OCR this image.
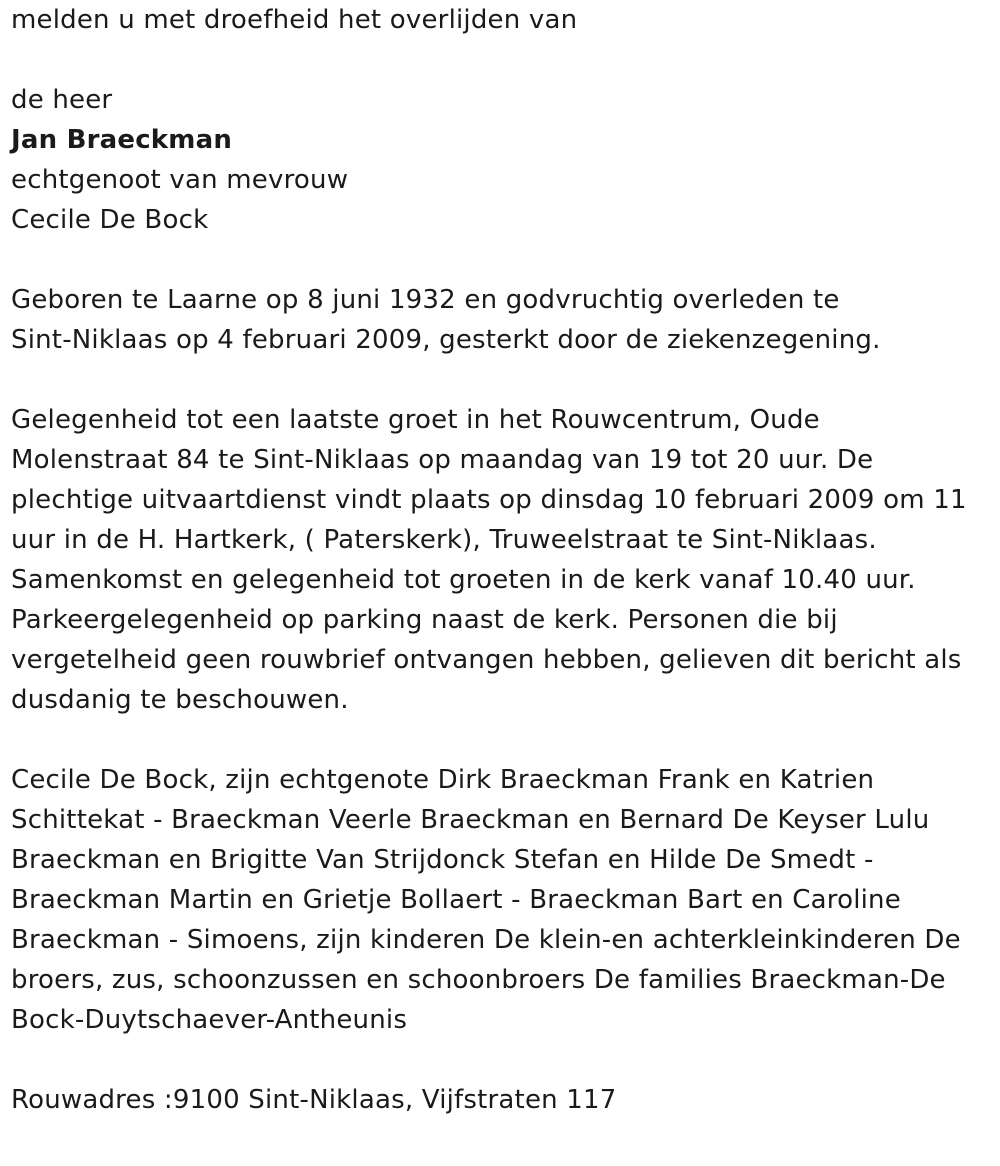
melden u met droefheid het overlijden van
de heer
Jan Braeckman
echtgenoot van mevrouw
Cecile De Bock
Geboren te Laarne op 8 juni 1932 en godvruchtig overleden te
Sint-Niklaas op 4 februari 2009, gesterkt door de ziekenzegening.
Gelegenheid tot een laatste groet in het Rouwcentrum, Oude
Molenstraat 84 te Sint-Niklaas op maandag van 19 tot 20 uur. De
plechtige uitvaartdienst vindt plaats op dinsdag 10 februari 2009 om 11
uur in de H. Hartkerk, ( Paterskerk), Truweelstraat te Sint-Niklaas.
Samenkomst en gelegenheid tot groeten in de kerk vanaf 10.40 uur.
Parkeergelegenheid op parking naast de kerk. Personen die bij
vergetelheid geen rouwbrief ontvangen hebben, gelieven dit bericht als
dusdanig te beschouwen.
Cecile De Bock, zijn echtgenote Dirk Braeckman Frank en Katrien
Schittekat - Braeckman Veerle Braeckman en Bernard De Keyser Lulu
Braeckman en Brigitte Van Strijdonck Stefan en Hilde De Smedt -
Braeckman Martin en Grietje Bollaert - Braeckman Bart en Caroline
Braeckman - Simoens, zijn kinderen De klein-en achterkleinkinderen De
broers, zus, schoonzussen en schoonbroers De families Braeckman-De
Bock-Duytschaever-Antheunis
Rouwadres :9100 Sint-Niklaas, Vijfstraten 117
